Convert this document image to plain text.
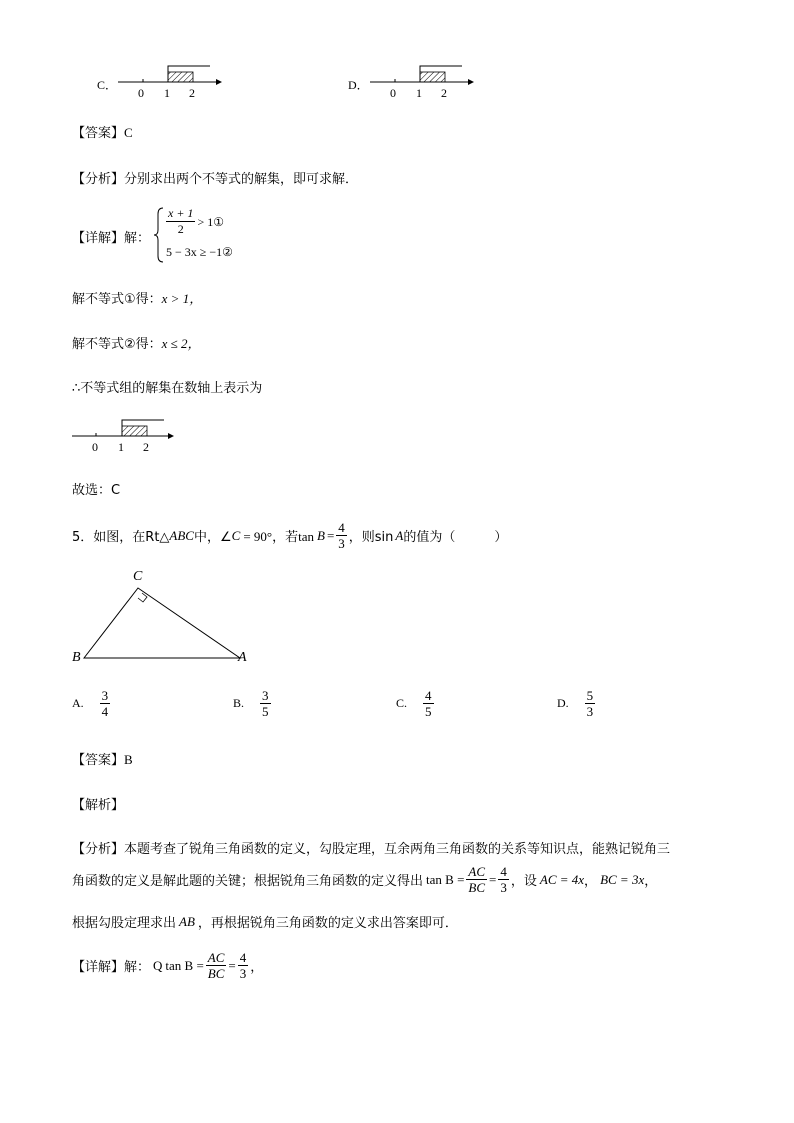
C．
0 1 2
D．
0 1 2
【答案】C
【分析】分别求出两个不等式的解集，即可求解．
【详解】解：
$\frac{x + 1}{2}$ > 1①
5 − 3x ≥ −1②
解不等式①得：x > 1，
解不等式②得：x ≤ 2，
∴不等式组的解集在数轴上表示为
0 1 2
故选：C
5． 如图，在Rt△ ABC 中，∠ C = 90°，若$\tan B = \frac{4}{3}$ ，则sin A 的值为（　　　）
C
B	A
A. $\frac{3}{4}$	B. $\frac{3}{5}$	C. $\frac{4}{5}$	D. $\frac{5}{3}$
【答案】B
【解析】
【分析】本题考查了锐角三角函数的定义，勾股定理，互余两角三角函数的关系等知识点，能熟记锐角三
角函数的定义是解此题的关键；根据锐角三角函数的定义得出 $\tan B = \frac{AC}{BC} = \frac{4}{3}$ ，设 AC = 4x ， BC = 3x ，
根据勾股定理求出 AB ，再根据锐角三角函数的定义求出答案即可．
【详解】解： Q $\tan B = \frac{AC}{BC} = \frac{4}{3}$ ，
